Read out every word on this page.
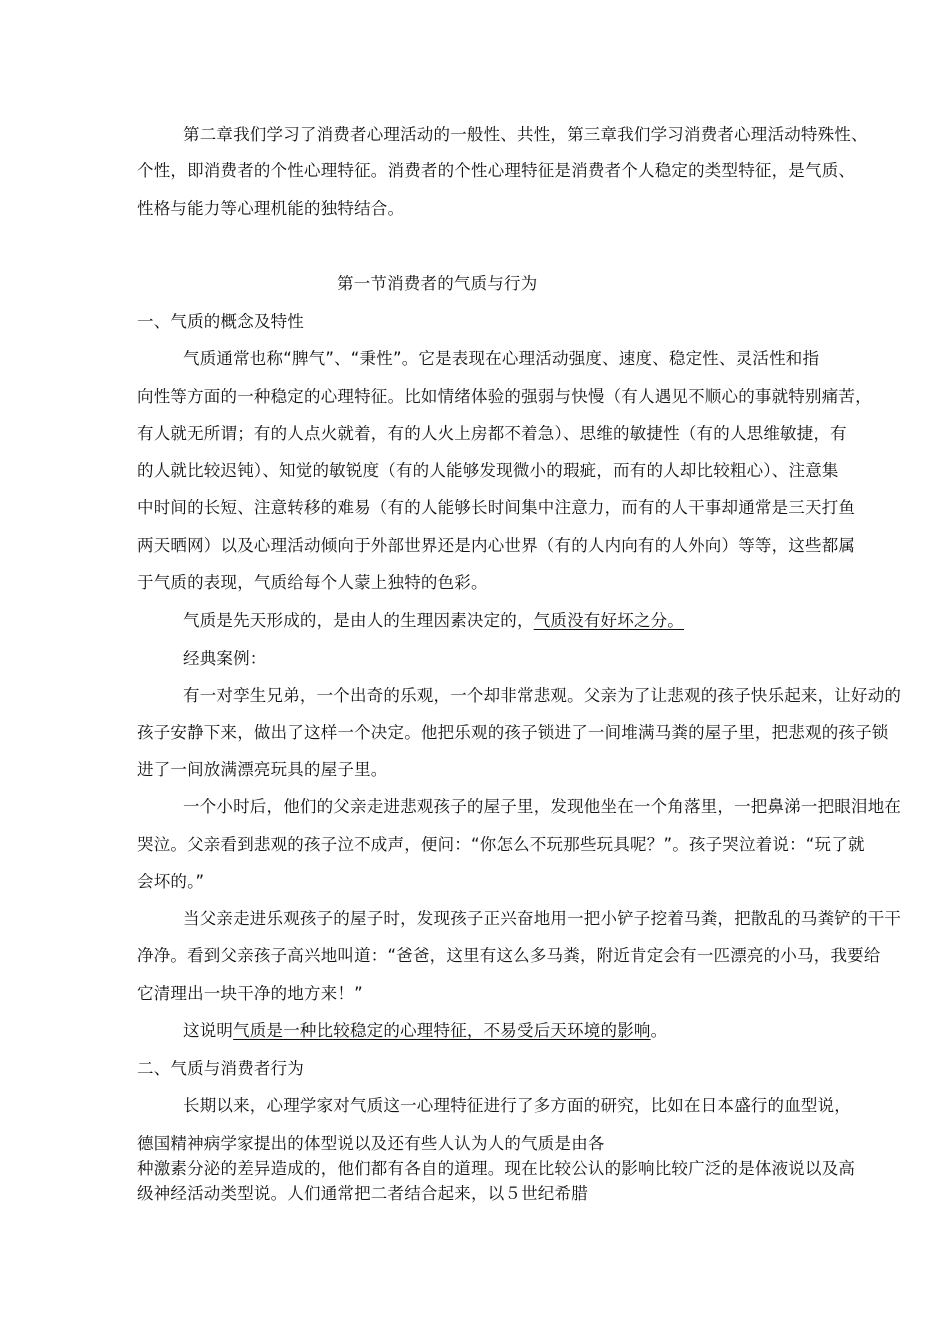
第二章我们学习了消费者心理活动的一般性、共性，第三章我们学习消费者心理活动特殊性、

个性，即消费者的个性心理特征。消费者的个性心理特征是消费者个人稳定的类型特征，是气质、

性格与能力等心理机能的独特结合。

第一节消费者的气质与行为

一、气质的概念及特性

气质通常也称“脾气”、“秉性”。它是表现在心理活动强度、速度、稳定性、灵活性和指

向性等方面的一种稳定的心理特征。比如情绪体验的强弱与快慢（有人遇见不顺心的事就特别痛苦，

有人就无所谓；有的人点火就着，有的人火上房都不着急）、思维的敏捷性（有的人思维敏捷，有

的人就比较迟钝）、知觉的敏锐度（有的人能够发现微小的瑕疵，而有的人却比较粗心）、注意集

中时间的长短、注意转移的难易（有的人能够长时间集中注意力，而有的人干事却通常是三天打鱼

两天晒网）以及心理活动倾向于外部世界还是内心世界（有的人内向有的人外向）等等，这些都属

于气质的表现，气质给每个人蒙上独特的色彩。

气质是先天形成的，是由人的生理因素决定的，气质没有好坏之分。

经典案例：

有一对孪生兄弟，一个出奇的乐观，一个却非常悲观。父亲为了让悲观的孩子快乐起来，让好动的

孩子安静下来，做出了这样一个决定。他把乐观的孩子锁进了一间堆满马粪的屋子里，把悲观的孩子锁

进了一间放满漂亮玩具的屋子里。

一个小时后，他们的父亲走进悲观孩子的屋子里，发现他坐在一个角落里，一把鼻涕一把眼泪地在

哭泣。父亲看到悲观的孩子泣不成声，便问：“你怎么不玩那些玩具呢？”。孩子哭泣着说：“玩了就

会坏的。”

当父亲走进乐观孩子的屋子时，发现孩子正兴奋地用一把小铲子挖着马粪，把散乱的马粪铲的干干

净净。看到父亲孩子高兴地叫道：“爸爸，这里有这么多马粪，附近肯定会有一匹漂亮的小马，我要给

它清理出一块干净的地方来！”

这说明气质是一种比较稳定的心理特征，不易受后天环境的影响。

二、气质与消费者行为

长期以来，心理学家对气质这一心理特征进行了多方面的研究，比如在日本盛行的血型说，

德国精神病学家提出的体型说以及还有些人认为人的气质是由各

种激素分泌的差异造成的，他们都有各自的道理。现在比较公认的影响比较广泛的是体液说以及高

级神经活动类型说。人们通常把二者结合起来，以５世纪希腊
